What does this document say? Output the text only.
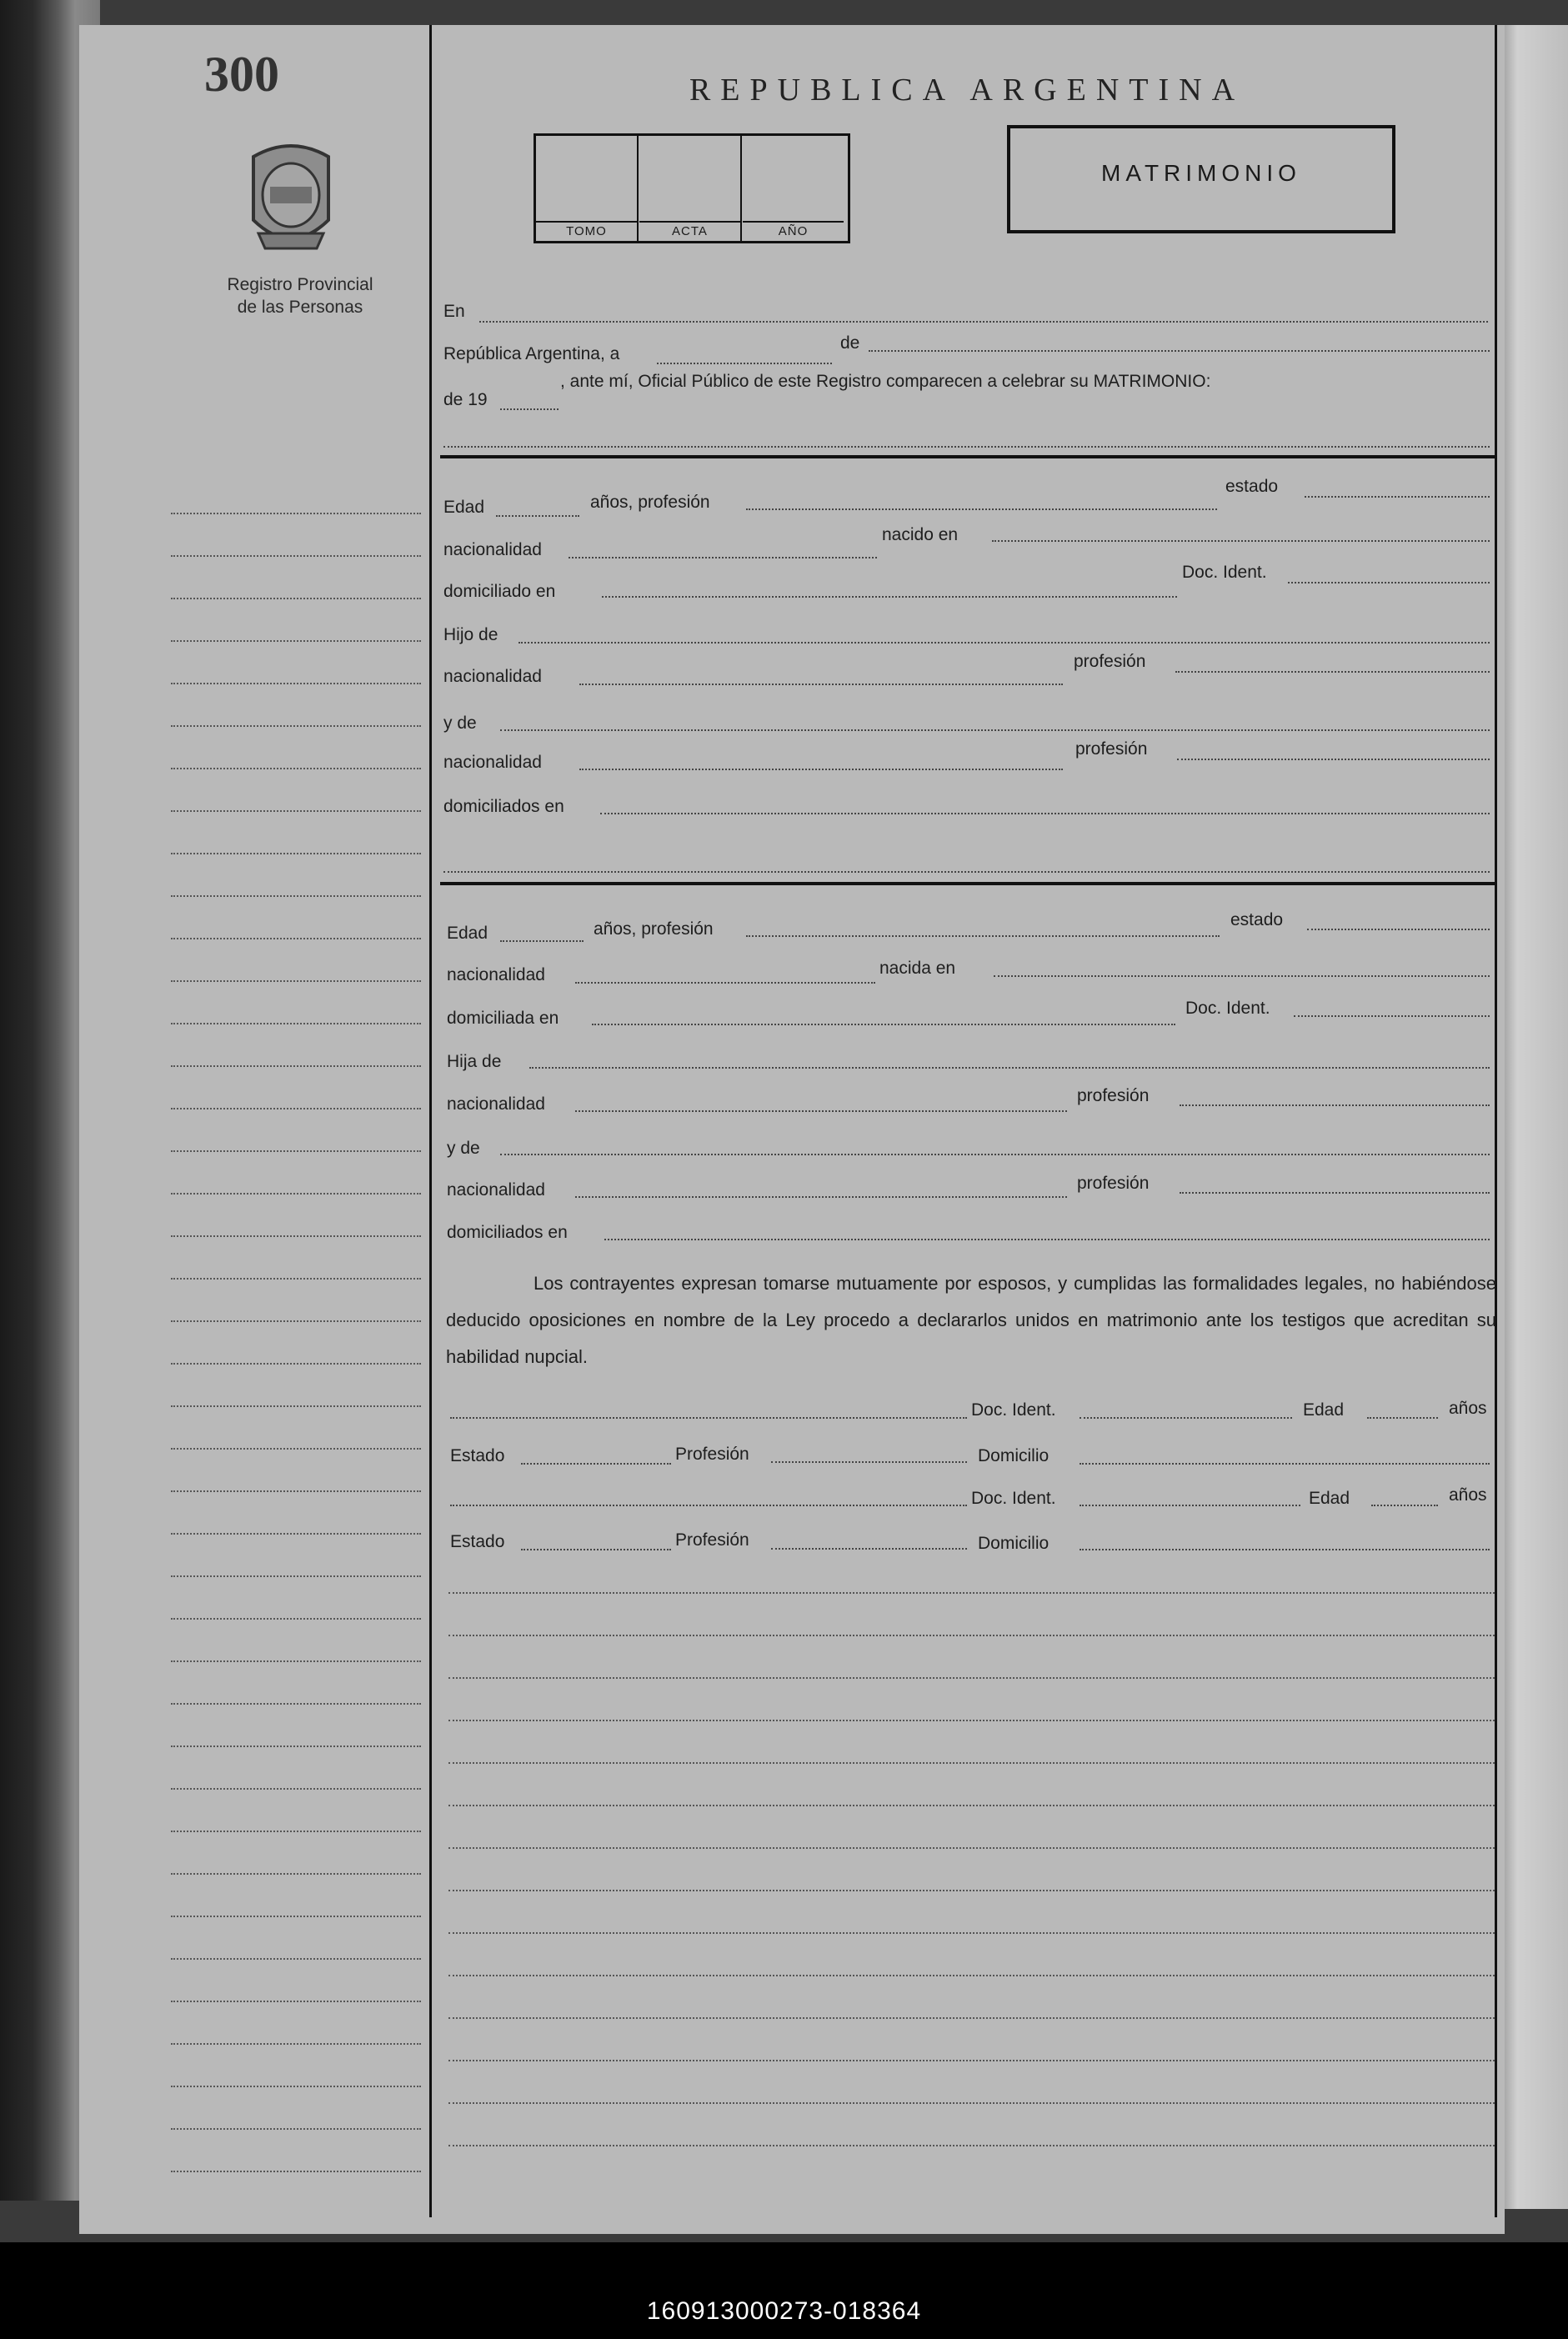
300
Registro Provincial
de las Personas
REPUBLICA ARGENTINA
TOMO	ACTA	AÑO
MATRIMONIO
En
República Argentina, a
de
de 19
, ante mí, Oficial Público de este Registro comparecen a celebrar su MATRIMONIO:
Edad	años, profesión
estado
nacionalidad
nacido en
domiciliado en
Doc. Ident.
Hijo de
nacionalidad
profesión
y de
nacionalidad
profesión
domiciliados en
Edad	años, profesión	estado
nacionalidad	nacida en
domiciliada en
Doc. Ident.
Hija de
nacionalidad	profesión
y de
nacionalidad	profesión
domiciliados en
Los contrayentes expresan tomarse mutuamente por esposos, y cumplidas las formalidades legales, no habiéndose deducido oposiciones en nombre de la Ley procedo a declararlos unidos en matrimonio ante los testigos que acreditan su habilidad nupcial.
Doc. Ident.	Edad	años
Estado	Profesión	Domicilio
Doc. Ident.	Edad	años
Estado	Profesión	Domicilio
160913000273-018364
